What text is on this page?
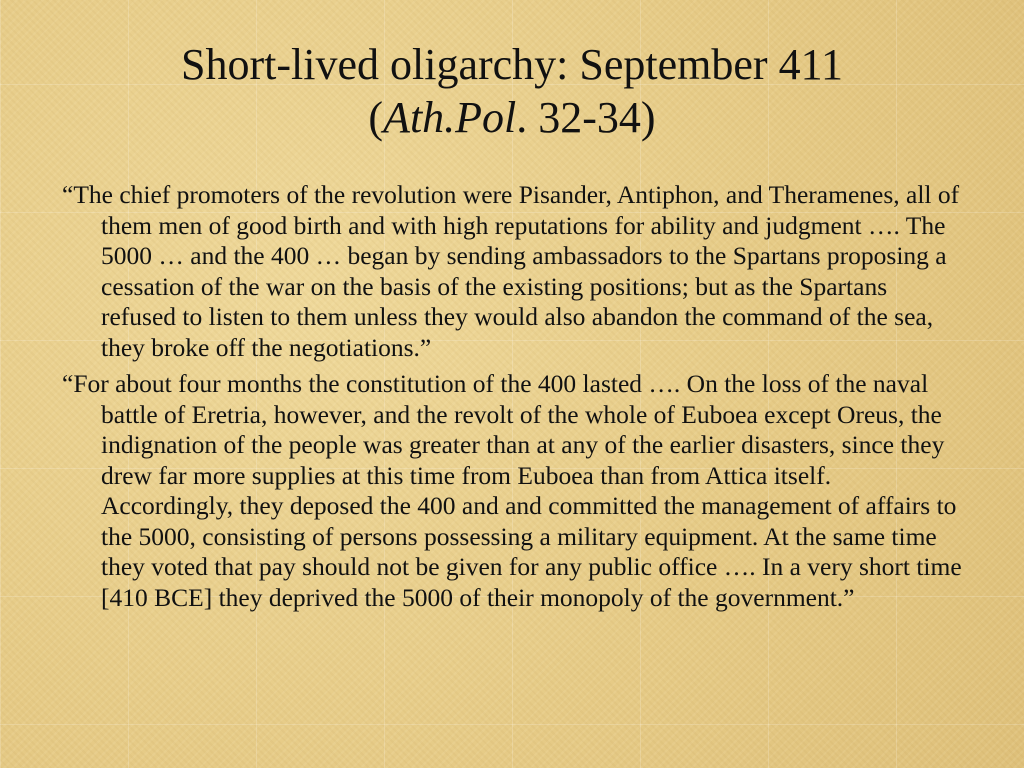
Short-lived oligarchy: September 411
(Ath.Pol. 32-34)

“The chief promoters of the revolution were Pisander, Antiphon, and Theramenes, all of them men of good birth and with high reputations for ability and judgment …. The 5000 … and the 400 … began by sending ambassadors to the Spartans proposing a cessation of the war on the basis of the existing positions; but as the Spartans refused to listen to them unless they would also abandon the command of the sea, they broke off the negotiations.”

“For about four months the constitution of the 400 lasted …. On the loss of the naval battle of Eretria, however, and the revolt of the whole of Euboea except Oreus, the indignation of the people was greater than at any of the earlier disasters, since they drew far more supplies at this time from Euboea than from Attica itself. Accordingly, they deposed the 400 and and committed the management of affairs to the 5000, consisting of persons possessing a military equipment. At the same time they voted that pay should not be given for any public office …. In a very short time [410 BCE] they deprived the 5000 of their monopoly of the government.”
